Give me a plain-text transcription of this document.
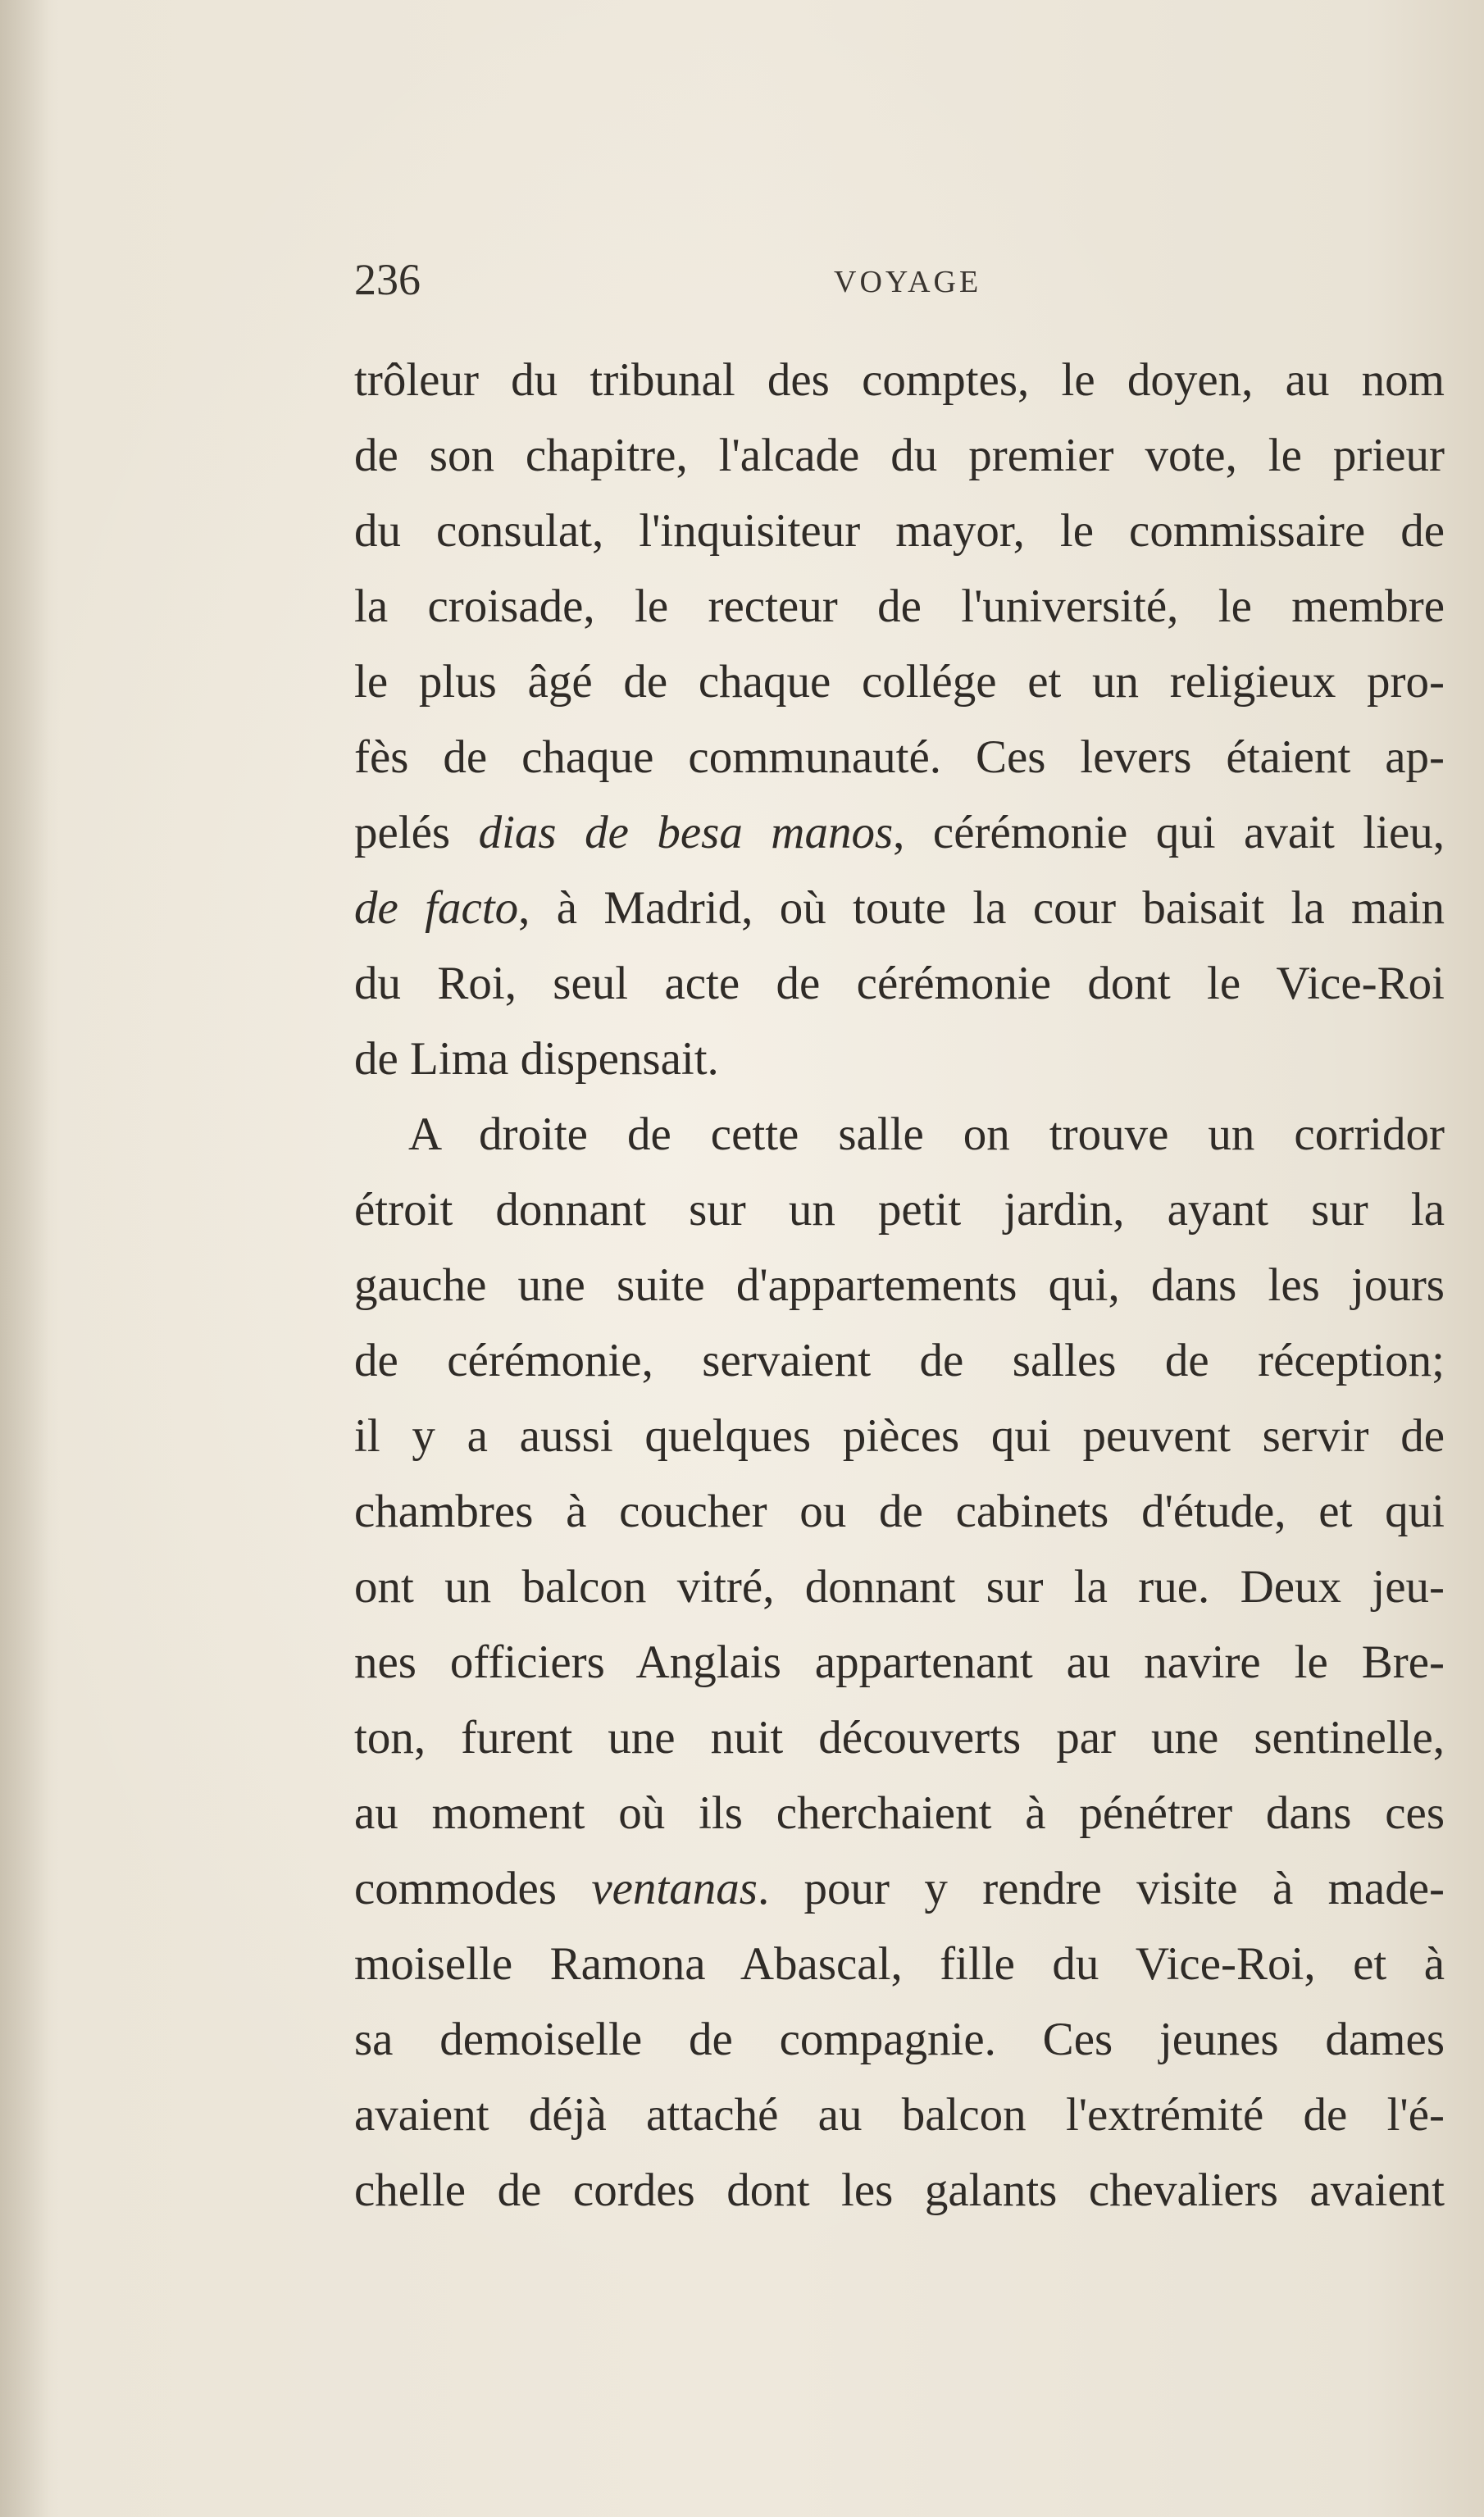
236	VOYAGE
trôleur du tribunal des comptes, le doyen, au nom
de son chapitre, l'alcade du premier vote, le prieur
du consulat, l'inquisiteur mayor, le commissaire de
la croisade, le recteur de l'université, le membre
le plus âgé de chaque collége et un religieux pro-
fès de chaque communauté. Ces levers étaient ap-
pelés dias de besa manos, cérémonie qui avait lieu,
de facto, à Madrid, où toute la cour baisait la main
du Roi, seul acte de cérémonie dont le Vice-Roi
de Lima dispensait.
A droite de cette salle on trouve un corridor
étroit donnant sur un petit jardin, ayant sur la
gauche une suite d'appartements qui, dans les jours
de cérémonie, servaient de salles de réception;
il y a aussi quelques pièces qui peuvent servir de
chambres à coucher ou de cabinets d'étude, et qui
ont un balcon vitré, donnant sur la rue. Deux jeu-
nes officiers Anglais appartenant au navire le Bre-
ton, furent une nuit découverts par une sentinelle,
au moment où ils cherchaient à pénétrer dans ces
commodes ventanas. pour y rendre visite à made-
moiselle Ramona Abascal, fille du Vice-Roi, et à
sa demoiselle de compagnie. Ces jeunes dames
avaient déjà attaché au balcon l'extrémité de l'é-
chelle de cordes dont les galants chevaliers avaient
